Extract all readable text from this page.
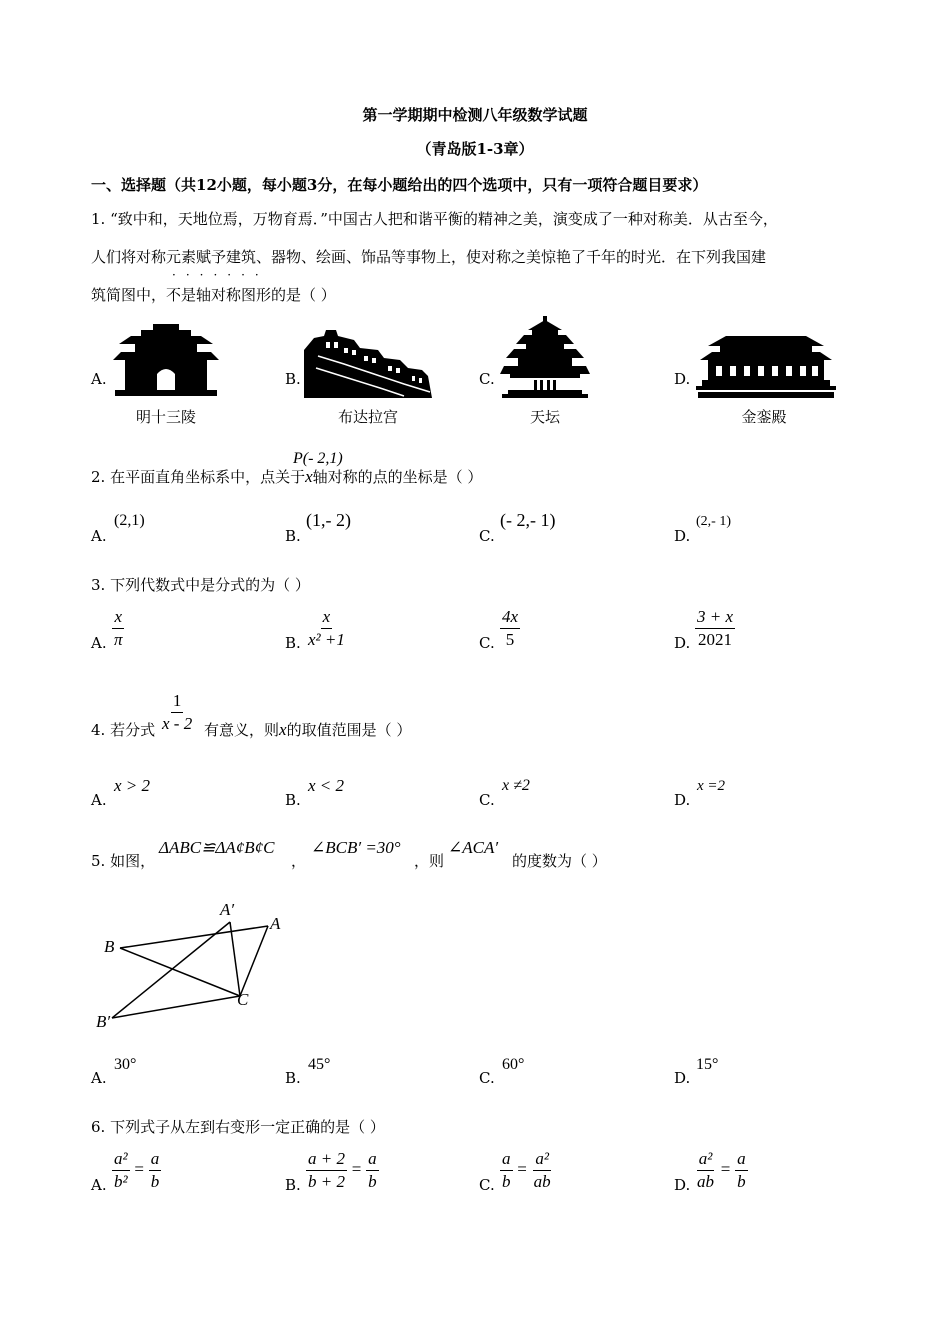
第一学期期中检测八年级数学试题
（青岛版1-3章）
一、选择题（共12小题，每小题3分，在每小题给出的四个选项中，只有一项符合题目要求）
1. “致中和，天地位焉，万物育焉．”中国古人把和谐平衡的精神之美，演变成了一种对称美．从古至今，
人们将对称元素赋予建筑、器物、绘画、饰品等事物上，使对称之美惊艳了千年的时光．在下列我国建
·······
筑简图中，不是轴对称图形的是（ ）
A.
明十三陵
B.
布达拉宫
C.
天坛
D.
金銮殿
2. 在平面直角坐标系中，点关于x轴对称的点的坐标是（ ）
P(- 2,1)
A.
(2,1)
B.
(1,- 2)
C.
(- 2,- 1)
D.
(2,- 1)
3. 下列代数式中是分式的为（ ）
A. $\frac{x}{\pi}$	B. $\frac{x}{\text{x² +1}}$	C. $\frac{4x}{5}$	D. $\frac{3 + x}{2021}$
4. 若分式 $\frac{1}{x - 2}$ 有意义，则x的取值范围是（ ）
A.
x > 2
B.
x < 2
C.
x ≠2
D.
x =2
5. 如图，
ΔABC≌ΔA¢B¢C
，
∠BCB′ =30°
，则
∠ACA′
的度数为（ ）
A′
A
B
B′
C
A.
30°
B.
45°
C.
60°
D.
15°
6. 下列式子从左到右变形一定正确的是（ ）
A. $\frac{\text{a²}}{\text{b²}} = \frac{a}{b}$	B. $\frac{a + 2}{b + 2} = \frac{a}{b}$	C. $\frac{a}{b} = \frac{\text{a²}}{ab}$	D. $\frac{\text{a²}}{ab} = \frac{a}{b}$
